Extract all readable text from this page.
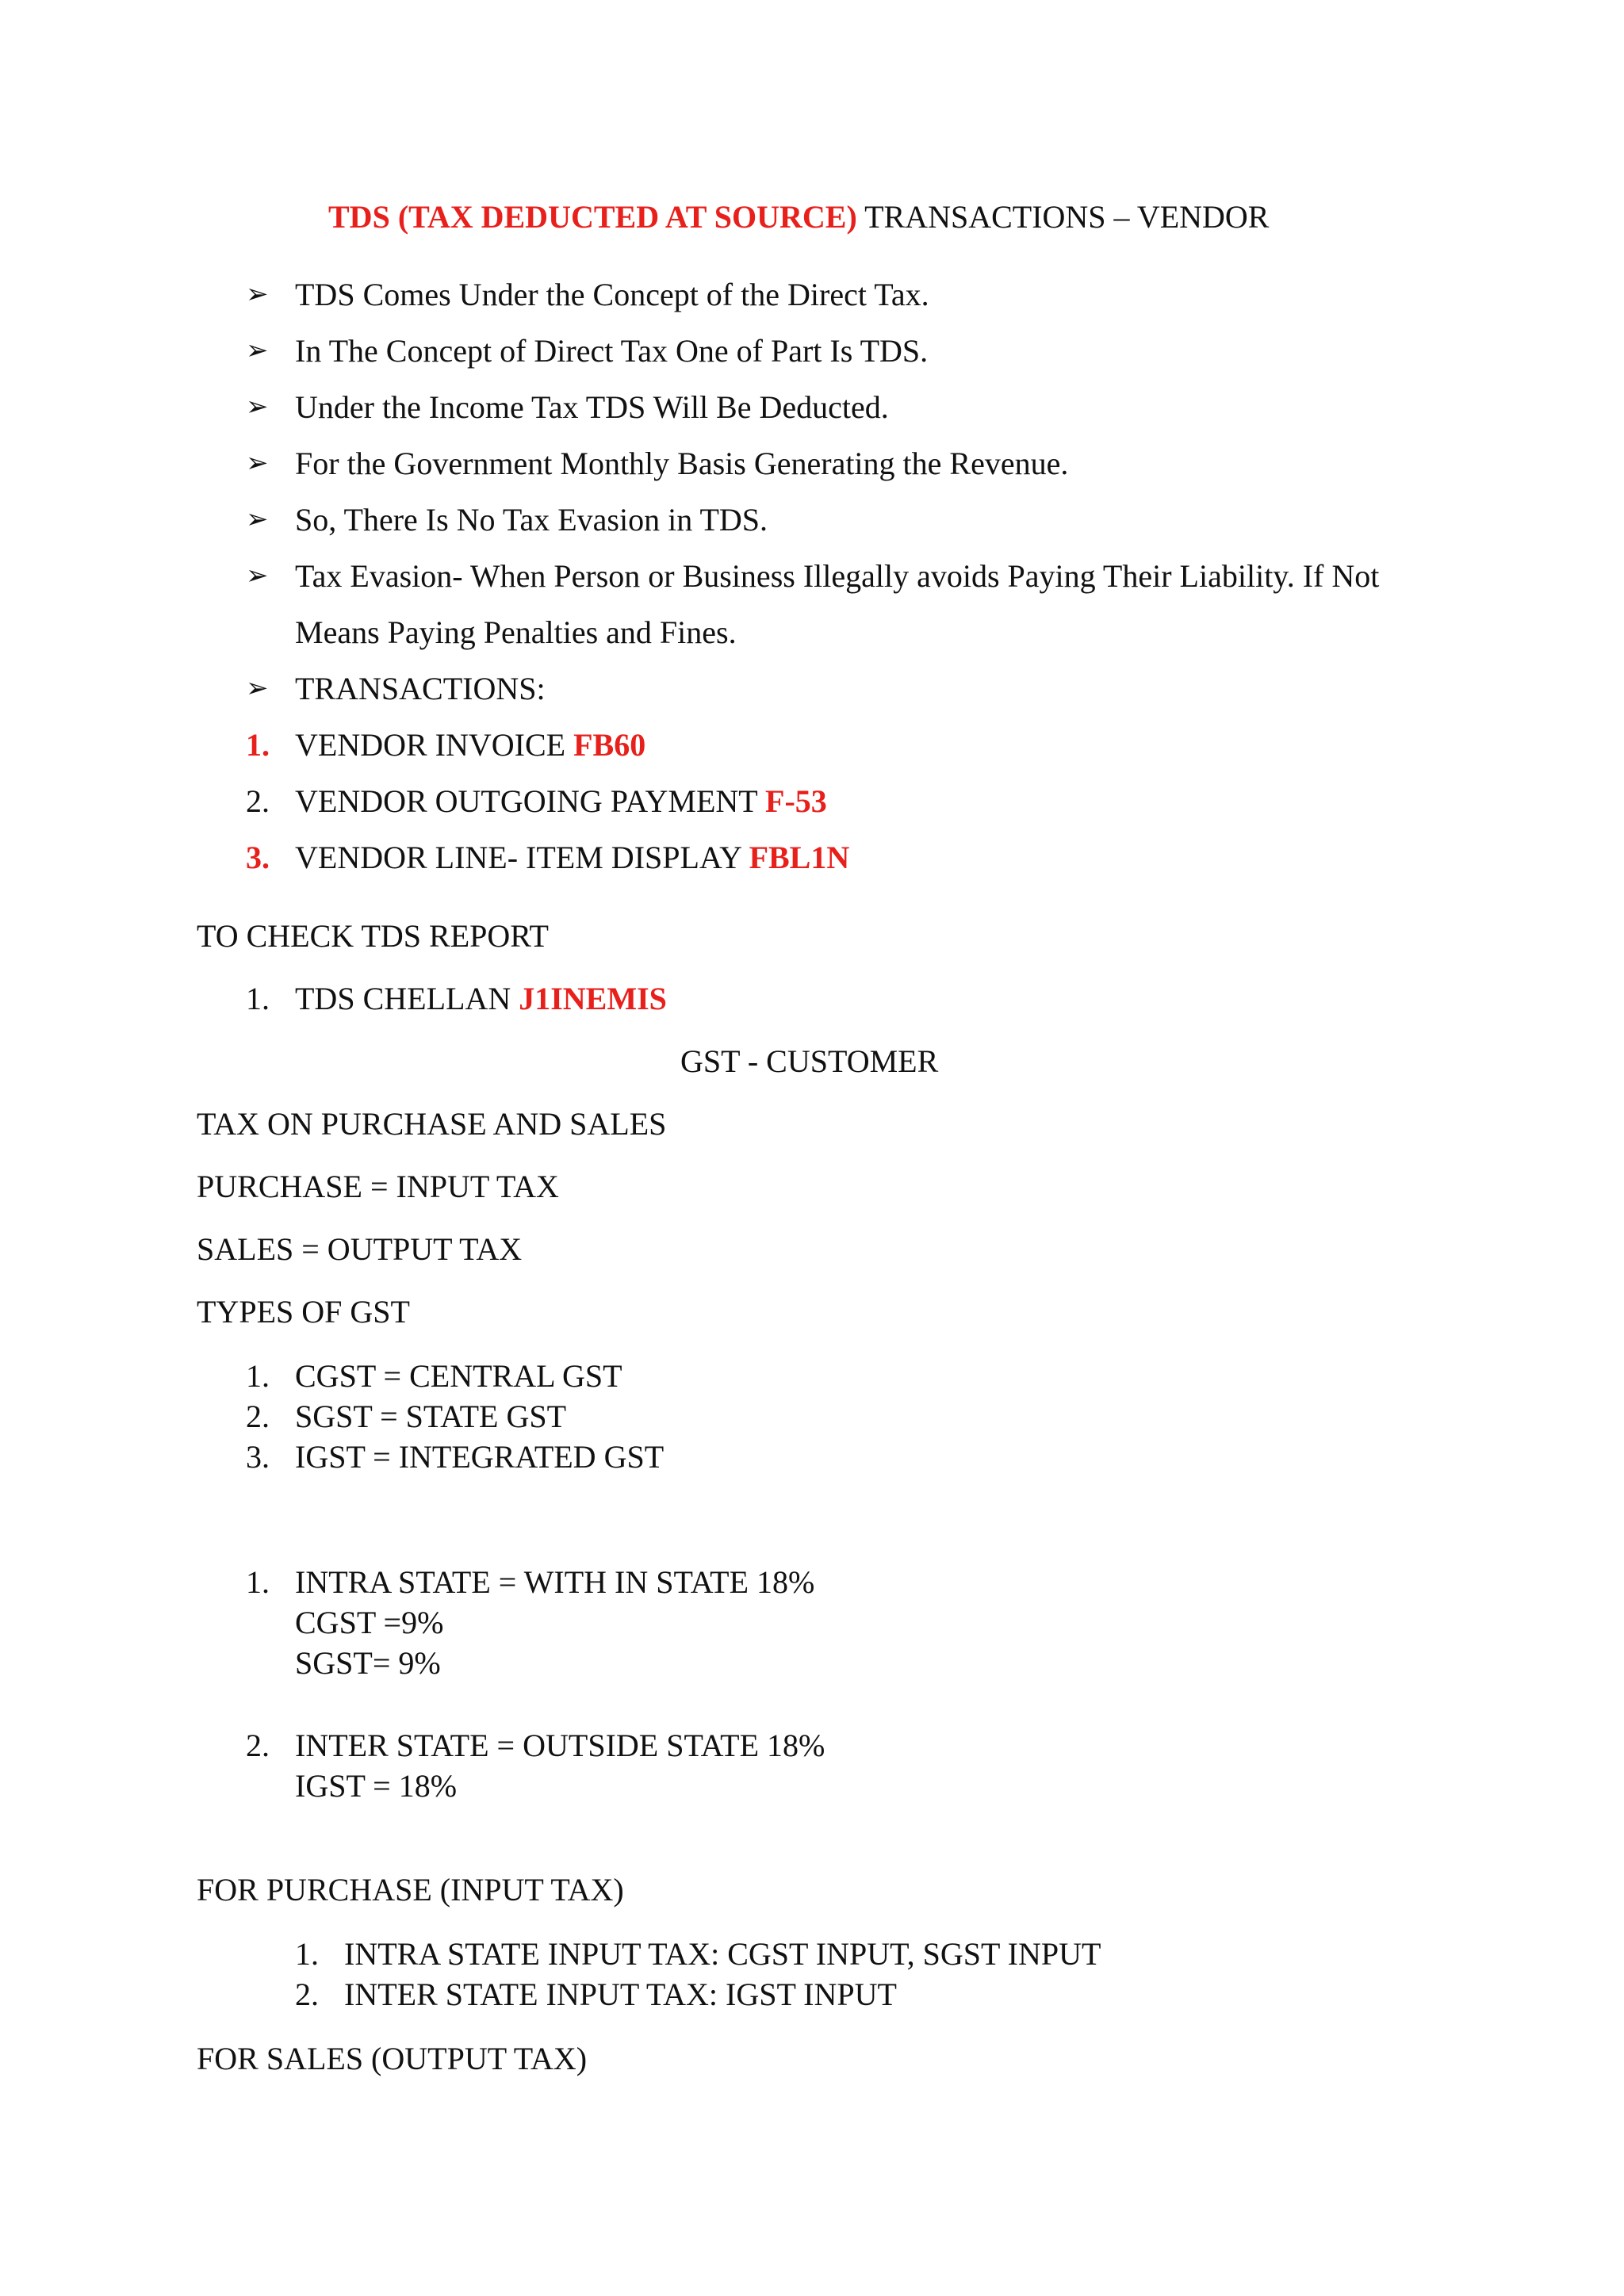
TDS (TAX DEDUCTED AT SOURCE) TRANSACTIONS – VENDOR
➢ TDS Comes Under the Concept of the Direct Tax.
➢ In The Concept of Direct Tax One of Part Is TDS.
➢ Under the Income Tax TDS Will Be Deducted.
➢ For the Government Monthly Basis Generating the Revenue.
➢ So, There Is No Tax Evasion in TDS.
➢ Tax Evasion- When Person or Business Illegally avoids Paying Their Liability. If Not
Means Paying Penalties and Fines.
➢ TRANSACTIONS:
1. VENDOR INVOICE FB60
2. VENDOR OUTGOING PAYMENT F-53
3. VENDOR LINE- ITEM DISPLAY FBL1N
TO CHECK TDS REPORT
1. TDS CHELLAN J1INEMIS
GST - CUSTOMER
TAX ON PURCHASE AND SALES
PURCHASE = INPUT TAX
SALES = OUTPUT TAX
TYPES OF GST
1. CGST = CENTRAL GST
2. SGST = STATE GST
3. IGST = INTEGRATED GST
1. INTRA STATE = WITH IN STATE 18%
CGST =9%
SGST= 9%
2. INTER STATE = OUTSIDE STATE 18%
IGST = 18%
FOR PURCHASE (INPUT TAX)
1. INTRA STATE INPUT TAX: CGST INPUT, SGST INPUT
2. INTER STATE INPUT TAX: IGST INPUT
FOR SALES (OUTPUT TAX)
